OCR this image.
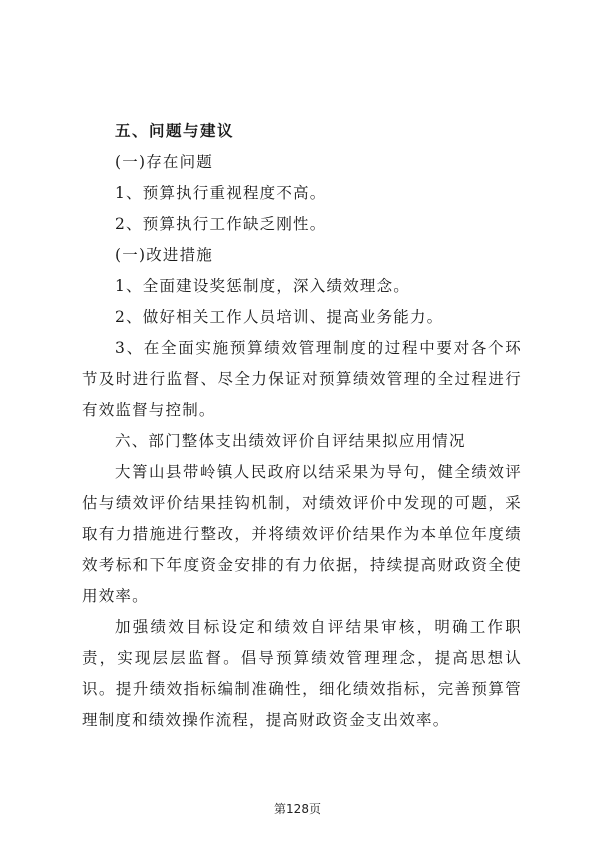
五、问题与建议

(一)存在问题

1、预算执行重视程度不高。

2、预算执行工作缺乏刚性。

(一)改进措施

1、全面建设奖惩制度，深入绩效理念。

2、做好相关工作人员培训、提高业务能力。

3、在全面实施预算绩效管理制度的过程中要对各个环节及时进行监督、尽全力保证对预算绩效管理的全过程进行有效监督与控制。

六、部门整体支出绩效评价自评结果拟应用情况

大箐山县带岭镇人民政府以结采果为导句，健全绩效评估与绩效评价结果挂钩机制，对绩效评价中发现的可题，采取有力措施进行整改，并将绩效评价结果作为本单位年度绩效考标和下年度资金安排的有力依据，持续提高财政资全使用效率。

加强绩效目标设定和绩效自评结果审核，明确工作职责，实现层层监督。倡导预算绩效管理理念，提高思想认识。提升绩效指标编制准确性，细化绩效指标，完善预算管理制度和绩效操作流程，提高财政资金支出效率。

第128页
